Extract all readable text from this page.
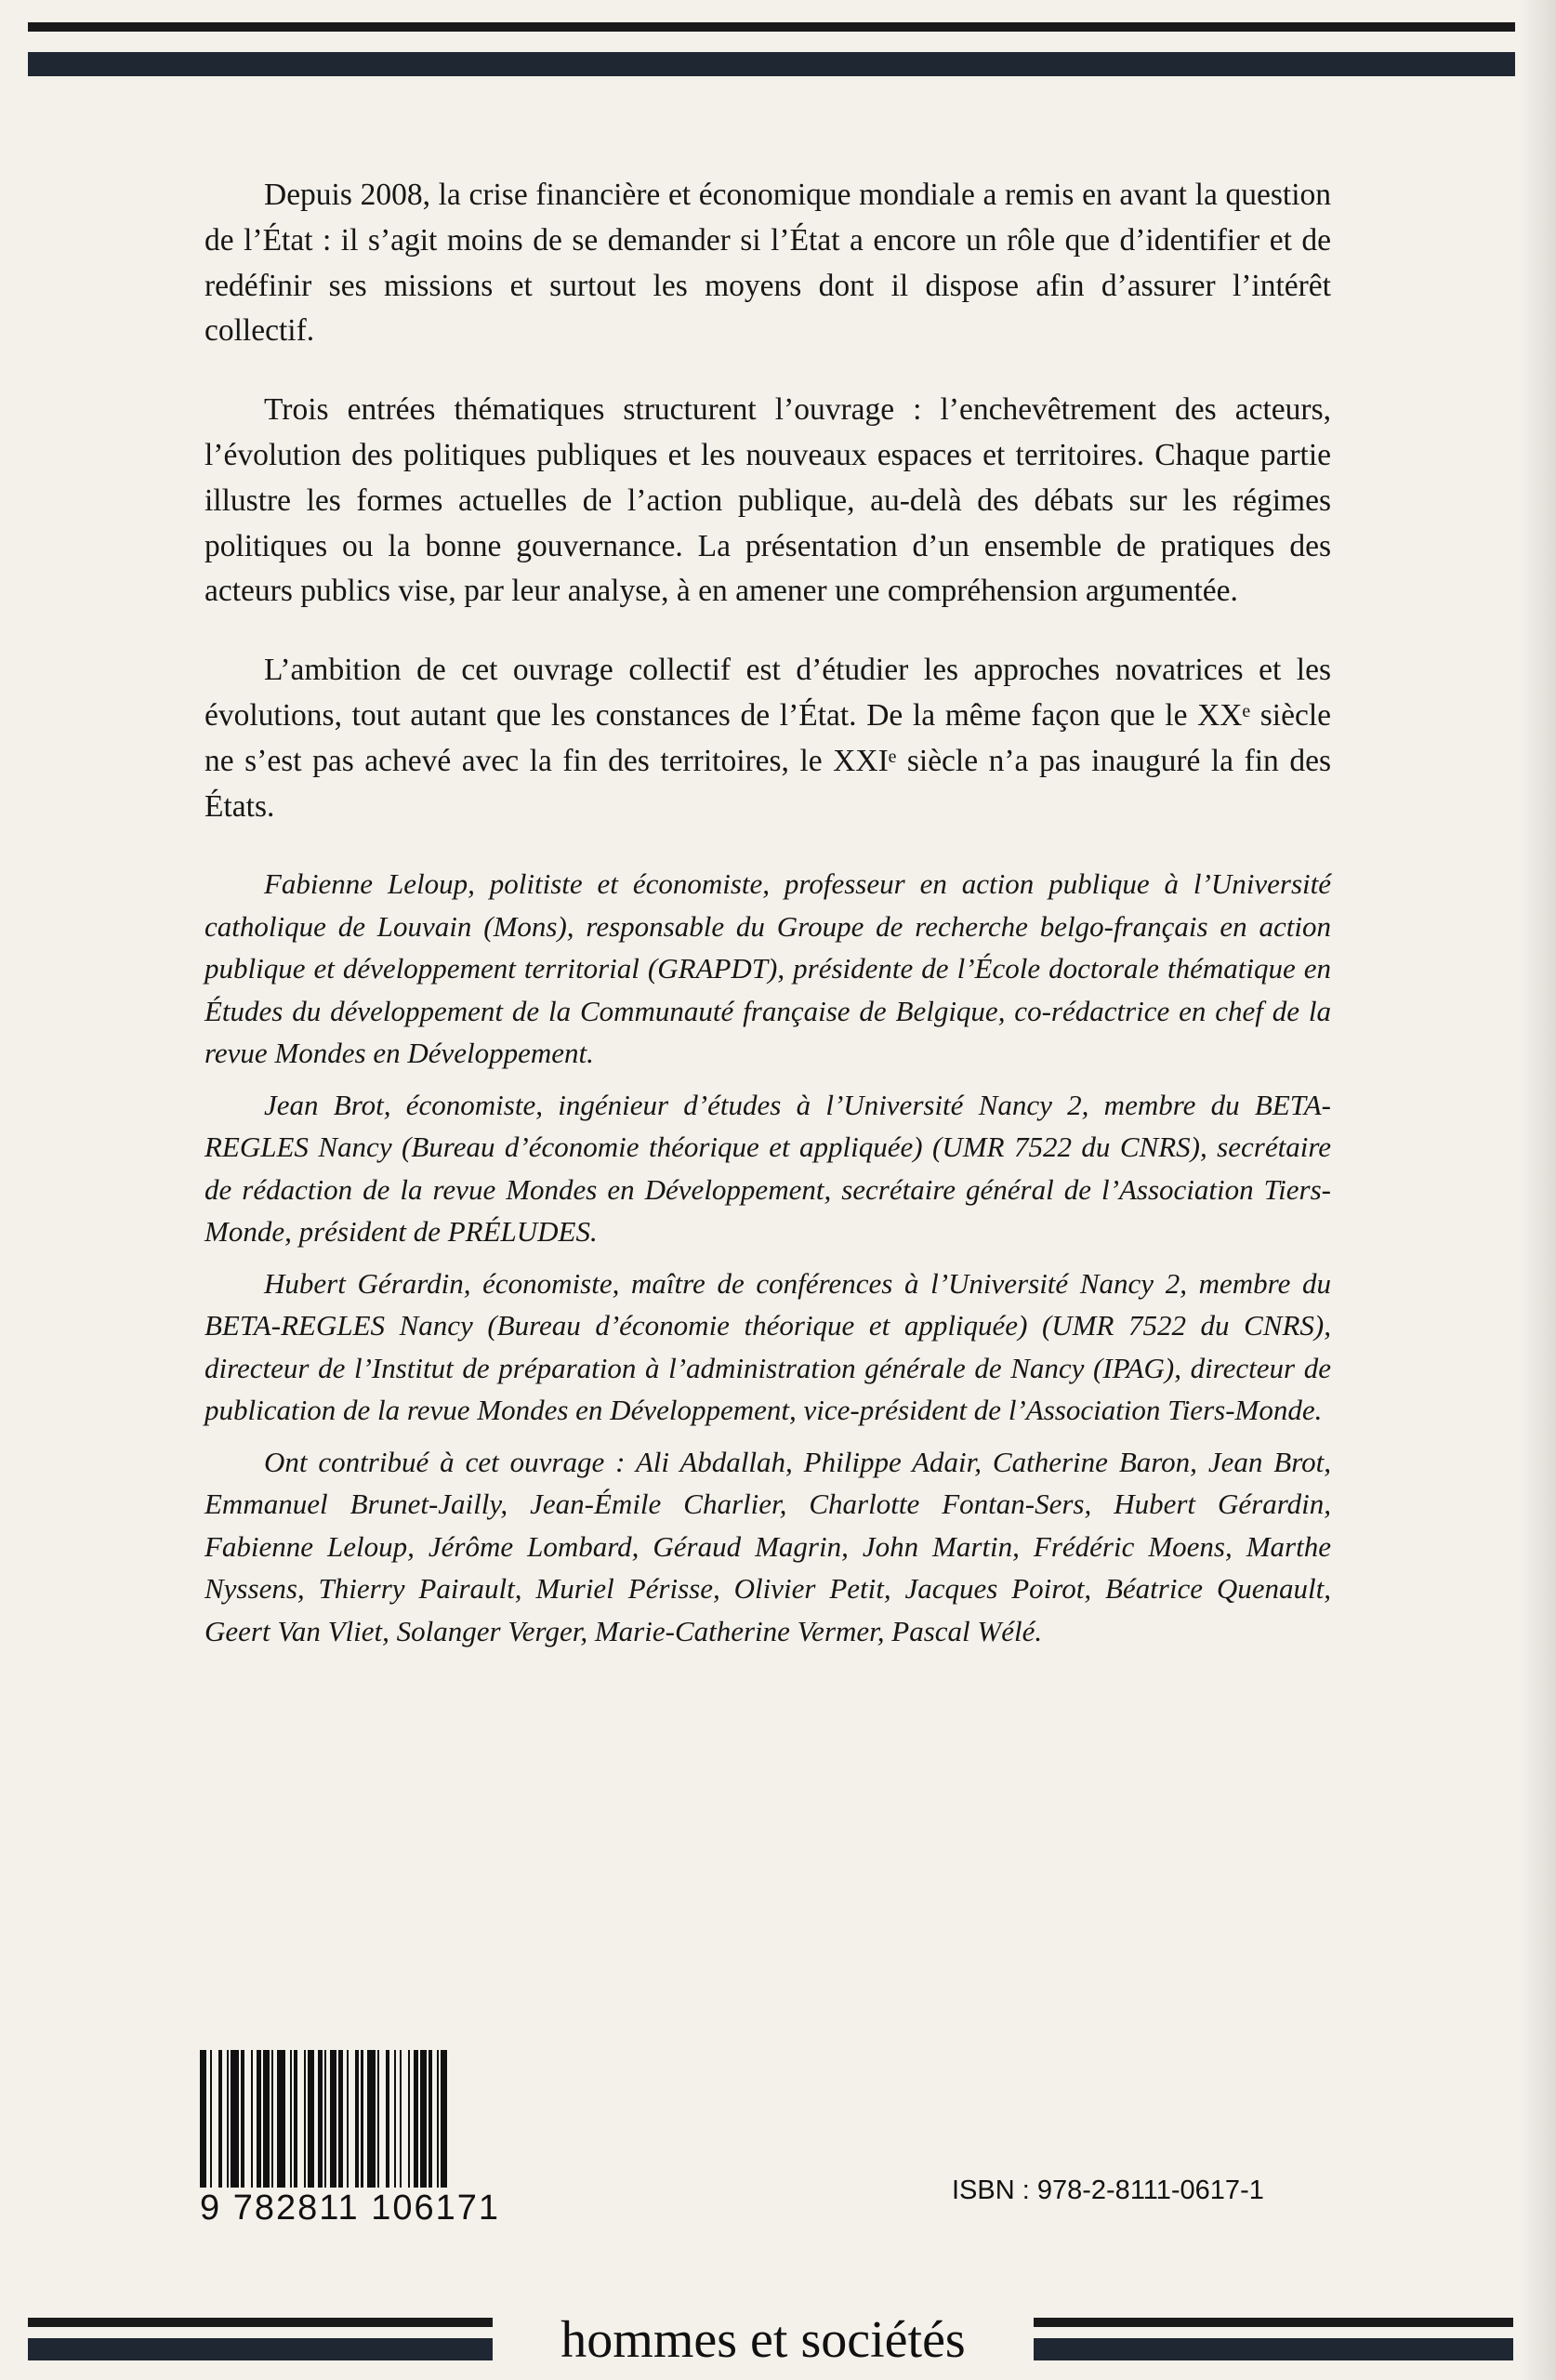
Depuis 2008, la crise financière et économique mondiale a remis en avant la question de l’État : il s’agit moins de se demander si l’État a encore un rôle que d’identifier et de redéfinir ses missions et surtout les moyens dont il dispose afin d’assurer l’intérêt collectif.

Trois entrées thématiques structurent l’ouvrage : l’enchevêtrement des acteurs, l’évolution des politiques publiques et les nouveaux espaces et territoires. Chaque partie illustre les formes actuelles de l’action publique, au-delà des débats sur les régimes politiques ou la bonne gouvernance. La présentation d’un ensemble de pratiques des acteurs publics vise, par leur analyse, à en amener une compréhension argumentée.

L’ambition de cet ouvrage collectif est d’étudier les approches novatrices et les évolutions, tout autant que les constances de l’État. De la même façon que le XXᵉ siècle ne s’est pas achevé avec la fin des territoires, le XXIᵉ siècle n’a pas inauguré la fin des États.

Fabienne Leloup, politiste et économiste, professeur en action publique à l’Université catholique de Louvain (Mons), responsable du Groupe de recherche belgo-français en action publique et développement territorial (GRAPDT), présidente de l’École doctorale thématique en Études du développement de la Communauté française de Belgique, co-rédactrice en chef de la revue Mondes en Développement.

Jean Brot, économiste, ingénieur d’études à l’Université Nancy 2, membre du BETA-REGLES Nancy (Bureau d’économie théorique et appliquée) (UMR 7522 du CNRS), secrétaire de rédaction de la revue Mondes en Développement, secrétaire général de l’Association Tiers-Monde, président de PRÉLUDES.

Hubert Gérardin, économiste, maître de conférences à l’Université Nancy 2, membre du BETA-REGLES Nancy (Bureau d’économie théorique et appliquée) (UMR 7522 du CNRS), directeur de l’Institut de préparation à l’administration générale de Nancy (IPAG), directeur de publication de la revue Mondes en Développement, vice-président de l’Association Tiers-Monde.

Ont contribué à cet ouvrage : Ali Abdallah, Philippe Adair, Catherine Baron, Jean Brot, Emmanuel Brunet-Jailly, Jean-Émile Charlier, Charlotte Fontan-Sers, Hubert Gérardin, Fabienne Leloup, Jérôme Lombard, Géraud Magrin, John Martin, Frédéric Moens, Marthe Nyssens, Thierry Pairault, Muriel Périsse, Olivier Petit, Jacques Poirot, Béatrice Quenault, Geert Van Vliet, Solanger Verger, Marie-Catherine Vermer, Pascal Wélé.

9 782811 106171	ISBN : 978-2-8111-0617-1
hommes et sociétés
